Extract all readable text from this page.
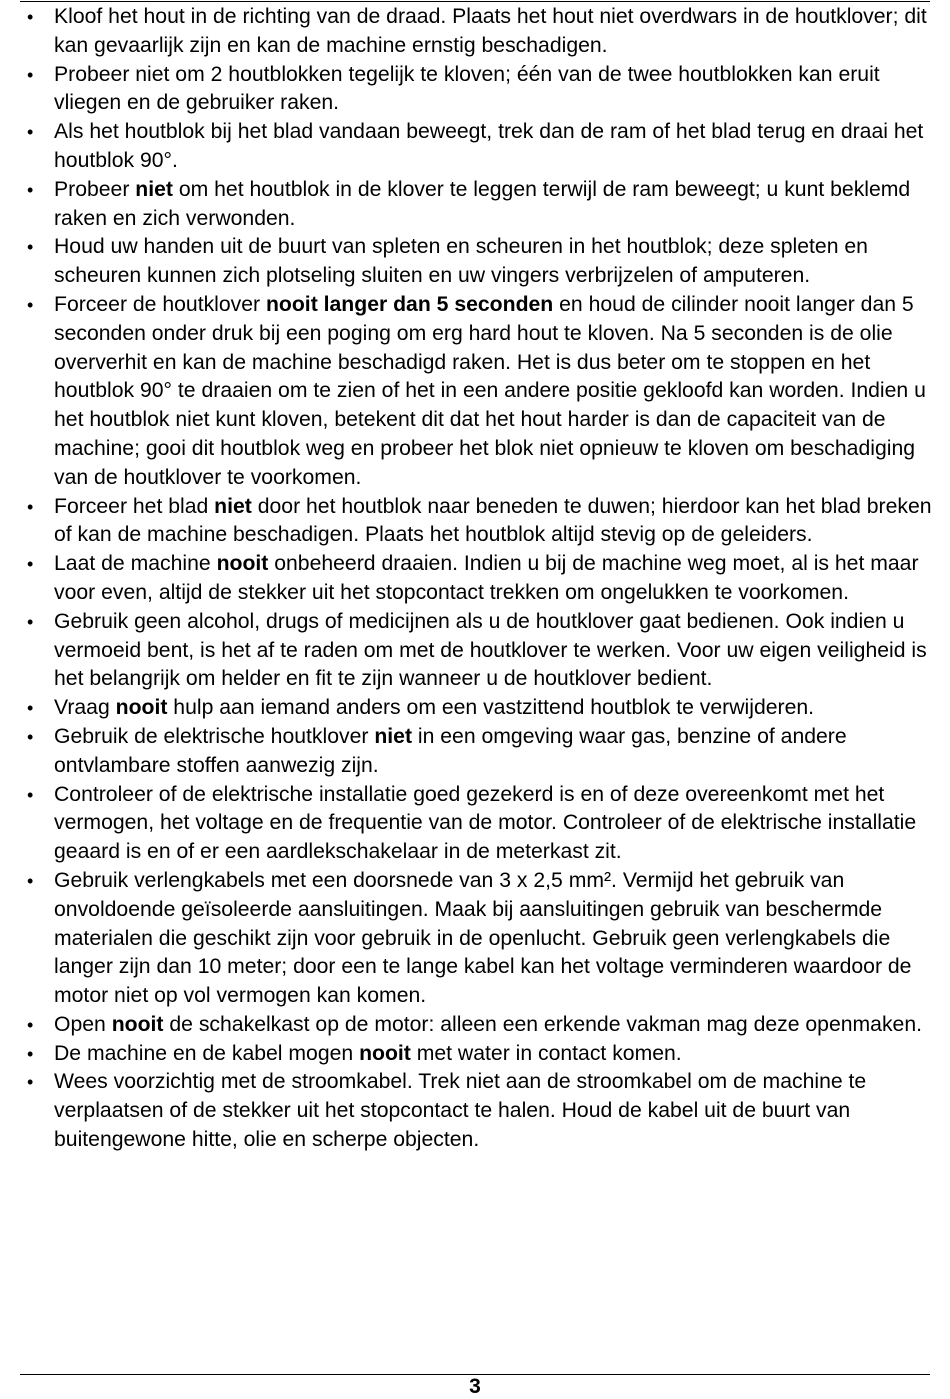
• Kloof het hout in de richting van de draad. Plaats het hout niet overdwars in de houtklover; dit kan gevaarlijk zijn en kan de machine ernstig beschadigen.
• Probeer niet om 2 houtblokken tegelijk te kloven; één van de twee houtblokken kan eruit vliegen en de gebruiker raken.
• Als het houtblok bij het blad vandaan beweegt, trek dan de ram of het blad terug en draai het houtblok 90°.
• Probeer niet om het houtblok in de klover te leggen terwijl de ram beweegt; u kunt beklemd raken en zich verwonden.
• Houd uw handen uit de buurt van spleten en scheuren in het houtblok; deze spleten en scheuren kunnen zich plotseling sluiten en uw vingers verbrijzelen of amputeren.
• Forceer de houtklover nooit langer dan 5 seconden en houd de cilinder nooit langer dan 5 seconden onder druk bij een poging om erg hard hout te kloven. Na 5 seconden is de olie oververhit en kan de machine beschadigd raken. Het is dus beter om te stoppen en het houtblok 90° te draaien om te zien of het in een andere positie gekloofd kan worden. Indien u het houtblok niet kunt kloven, betekent dit dat het hout harder is dan de capaciteit van de machine; gooi dit houtblok weg en probeer het blok niet opnieuw te kloven om beschadiging van de houtklover te voorkomen.
• Forceer het blad niet door het houtblok naar beneden te duwen; hierdoor kan het blad breken of kan de machine beschadigen. Plaats het houtblok altijd stevig op de geleiders.
• Laat de machine nooit onbeheerd draaien. Indien u bij de machine weg moet, al is het maar voor even, altijd de stekker uit het stopcontact trekken om ongelukken te voorkomen.
• Gebruik geen alcohol, drugs of medicijnen als u de houtklover gaat bedienen. Ook indien u vermoeid bent, is het af te raden om met de houtklover te werken. Voor uw eigen veiligheid is het belangrijk om helder en fit te zijn wanneer u de houtklover bedient.
• Vraag nooit hulp aan iemand anders om een vastzittend houtblok te verwijderen.
• Gebruik de elektrische houtklover niet in een omgeving waar gas, benzine of andere ontvlambare stoffen aanwezig zijn.
• Controleer of de elektrische installatie goed gezekerd is en of deze overeenkomt met het vermogen, het voltage en de frequentie van de motor. Controleer of de elektrische installatie geaard is en of er een aardlekschakelaar in de meterkast zit.
• Gebruik verlengkabels met een doorsnede van 3 x 2,5 mm². Vermijd het gebruik van onvoldoende geïsoleerde aansluitingen. Maak bij aansluitingen gebruik van beschermde materialen die geschikt zijn voor gebruik in de openlucht. Gebruik geen verlengkabels die langer zijn dan 10 meter; door een te lange kabel kan het voltage verminderen waardoor de motor niet op vol vermogen kan komen.
• Open nooit de schakelkast op de motor: alleen een erkende vakman mag deze openmaken.
• De machine en de kabel mogen nooit met water in contact komen.
• Wees voorzichtig met de stroomkabel. Trek niet aan de stroomkabel om de machine te verplaatsen of de stekker uit het stopcontact te halen. Houd de kabel uit de buurt van buitengewone hitte, olie en scherpe objecten.
3
